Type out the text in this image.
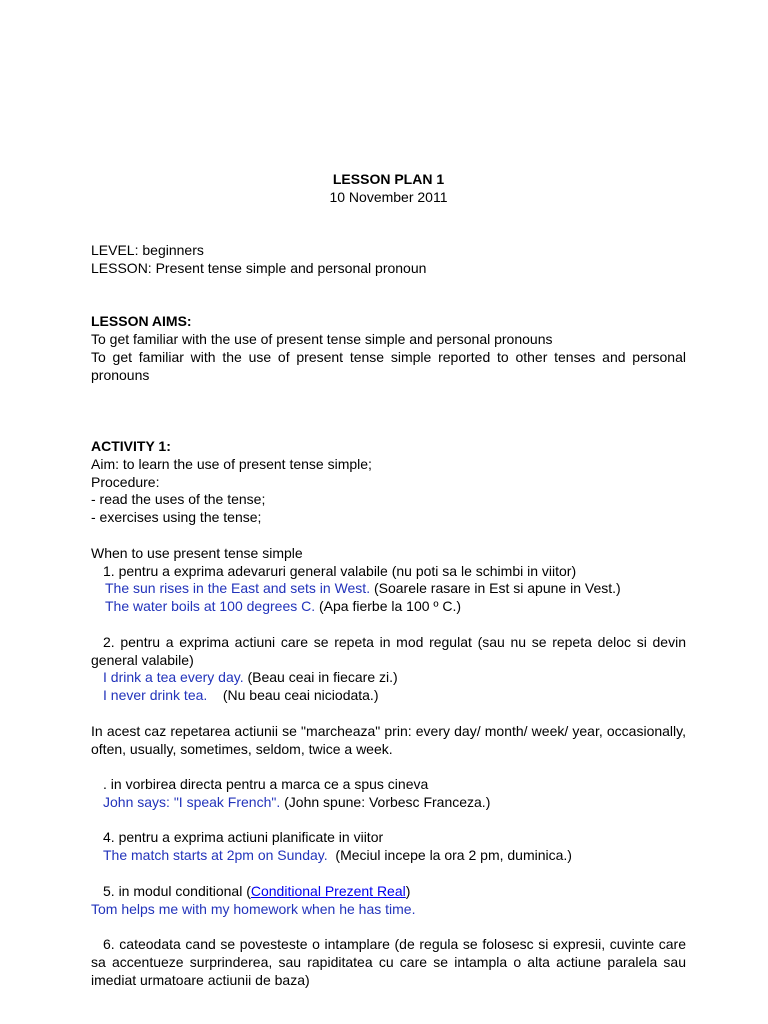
LESSON PLAN 1

10 November 2011

LEVEL: beginners

LESSON: Present tense simple and personal pronoun

LESSON AIMS:

To get familiar with the use of present tense simple and personal pronouns

To get familiar with the use of present tense simple reported to other tenses and personal pronouns

ACTIVITY 1:

Aim: to learn the use of present tense simple;

Procedure:

- read the uses of the tense;

- exercises using the tense;

When to use present tense simple

1. pentru a exprima adevaruri general valabile (nu poti sa le schimbi in viitor)

The sun rises in the East and sets in West. (Soarele rasare in Est si apune in Vest.)

The water boils at 100 degrees C. (Apa fierbe la 100 º C.)

2. pentru a exprima actiuni care se repeta in mod regulat (sau nu se repeta deloc si devin general valabile)

I drink a tea every day. (Beau ceai in fiecare zi.)

I never drink tea.    (Nu beau ceai niciodata.)

In acest caz repetarea actiunii se "marcheaza" prin: every day/ month/ week/ year, occasionally, often, usually, sometimes, seldom, twice a week.

. in vorbirea directa pentru a marca ce a spus cineva

John says: "I speak French". (John spune: Vorbesc Franceza.)

4. pentru a exprima actiuni planificate in viitor

The match starts at 2pm on Sunday.  (Meciul incepe la ora 2 pm, duminica.)

5. in modul conditional (Conditional Prezent Real)

Tom helps me with my homework when he has time.

6. cateodata cand se povesteste o intamplare (de regula se folosesc si expresii, cuvinte care sa accentueze surprinderea, sau rapiditatea cu care se intampla o alta actiune paralela sau imediat urmatoare actiunii de baza)
